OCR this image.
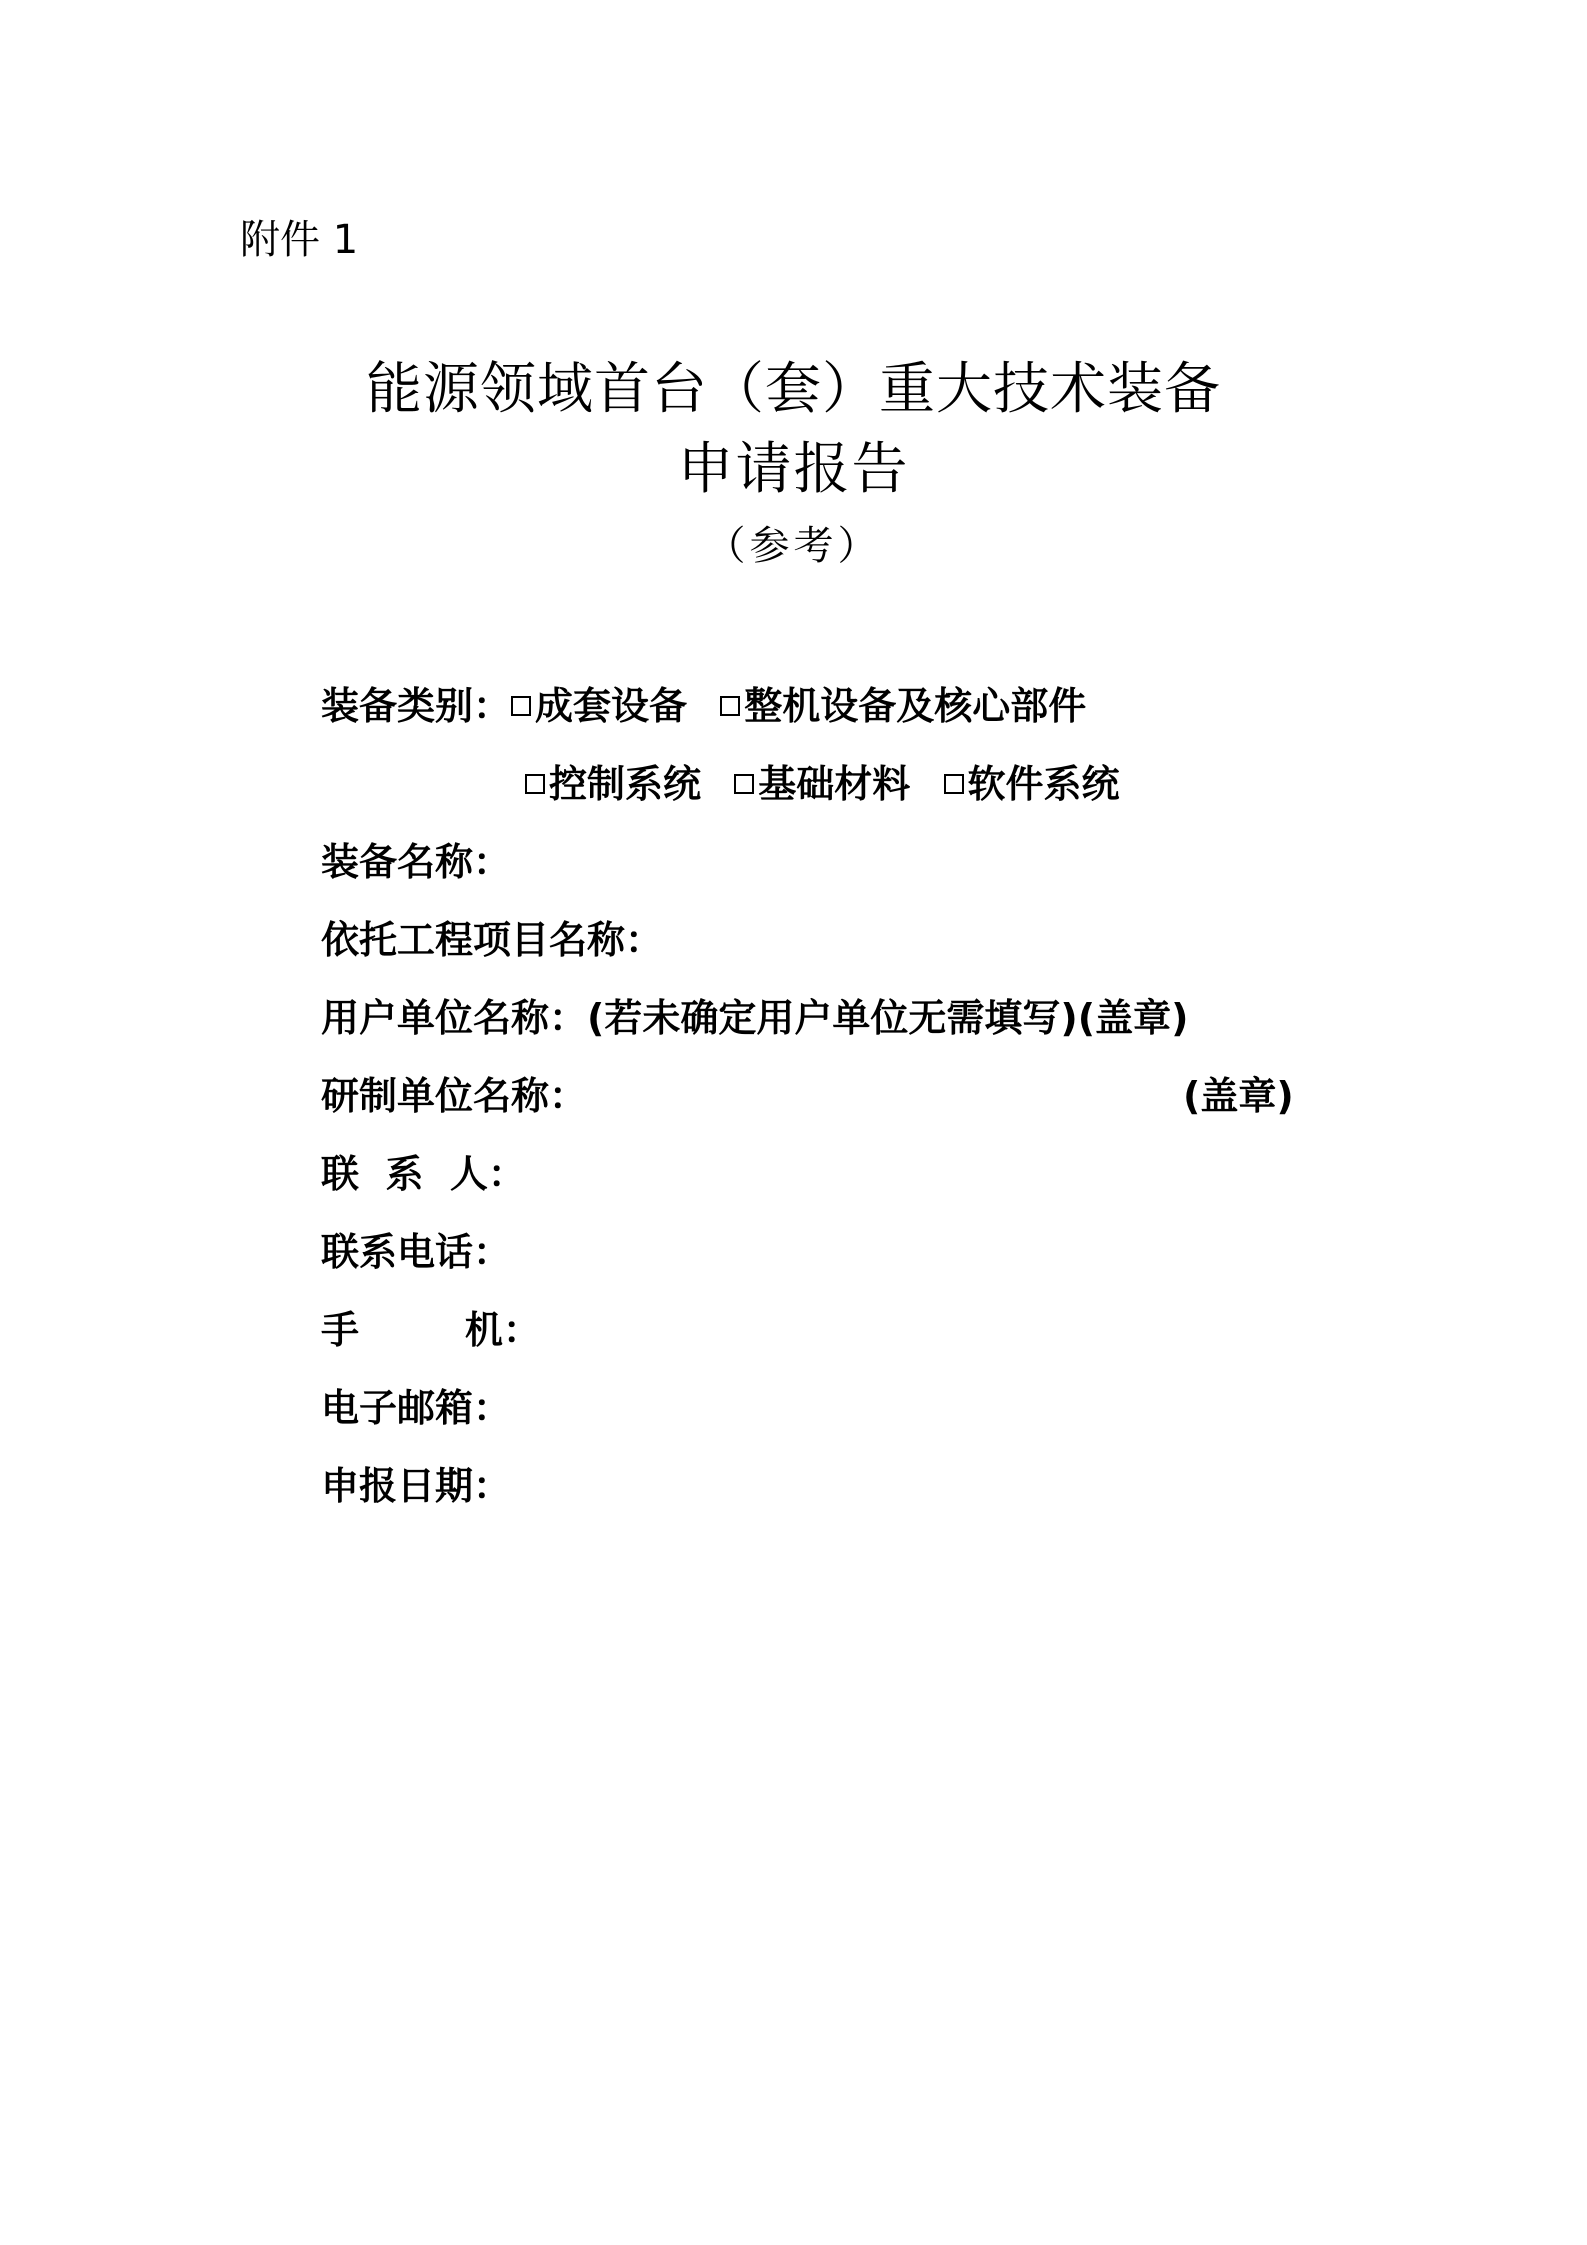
附件 1
能源领域首台（套）重大技术装备
申请报告
（参考）
装备类别： 成套设备 整机设备及核心部件
控制系统 基础材料 软件系统
装备名称：
依托工程项目名称：
用户单位名称：(若未确定用户单位无需填写)(盖章)
研制单位名称：	(盖章)
联  系  人：
联系电话：
手        机：
电子邮箱：
申报日期：
